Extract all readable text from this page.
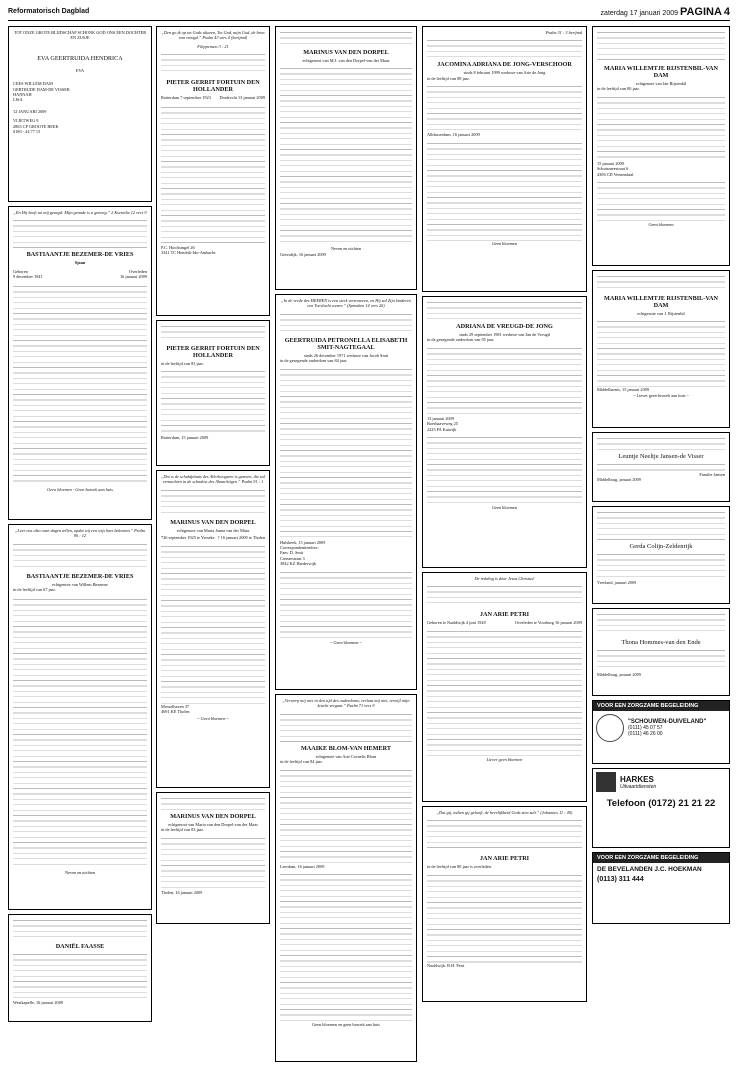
Reformatorisch Dagblad	zaterdag 17 januari 2009 PAGINA 4
TOT ONZE GROTE BLIJDSCHAP SCHONK GOD ONS EEN DOCHTER EN ZUSJE
EVA GEERTRUIDA HENDRICA
EVA
CEES WILLEM DAM
GERTRUDE DAM-DE VISSER
HANNAH
LISA
12 JANUARI 2009
VLIETWEG 9
2865 CP GROOTE BEEK
0180 - 44 77 15
„En Hij heeft tot mij gezegd: Mijn genade is u genoeg.” 2 Korinthe 12 vers 9
BASTIAANTJE BEZEMER-DE VRIES
Sjaan
Geboren
9 december 1941
Overleden
16 januari 2009
Geen bloemen - Geen bezoek aan huis
„Leer ons alzo onze dagen tellen, opdat wij een wijs hart bekomen.” Psalm 90 : 12
BASTIAANTJE BEZEMER-DE VRIES
echtgenote van Willem Bezemer
in de leeftijd van 67 jaar.
Neven en nichten
DANIËL FAASSE
Westkapelle, 16 januari 2009
„Den go tk op tot Gods altaren, Tot God, mijn God, de bron van vreugd.” Psalm 43 vers 4 (berijmd)
Filippensen 3 : 21
PIETER GERRIT FORTUIN DEN HOLLANDER
Rotterdam 7 september 1923 Dordrecht 13 januari 2009
P.C. Hooftsingel 26
3341 TC Hendrik-Ido-Ambacht
PIETER GERRIT FORTUIN DEN HOLLANDER
in de leeftijd van 83 jaar.
Rotterdam, 15 januari 2009
„Dat is de schuldplaats des Allerhoogsten is gezeten, die zal vernachten in de schaduw des Almachtigen.” Psalm 91 : 1
MARINUS VAN DEN DORPEL
echtgenoot van Maria Janna van der Maas
*26 september 1925 te Yerseke † 16 januari 2009 te Tholen
Mosselhaven 37
4691 KE Tholen
~ Geen bloemen ~
MARINUS VAN DEN DORPEL
echtgenoot van Maria van den Dorpel-van der Maas
in de leeftijd van 83 jaar.
Tholen, 16 januari 2009
MARINUS VAN DEN DORPEL
echtgenoot van M.J. van den Dorpel-van der Maas
Neven en nichten
Geersdijk, 16 januari 2009
„In de vrede des HEEREN is een sterk vertrouwen, en Hij zal Zijn kinderen een Toevlucht wezen.” (Spreuken 14 vers 26)
GEERTRUIDA PETRONELLA ELISABETH SMIT-NAGTEGAAL
sinds 26 december 1971 weduwe van Jacob Smit
in de gezegende ouderdom van 84 jaar.
Hulsbeek, 15 januari 2009
Correspondentieadres:
Fam. D. Smit
Crenaestraat 3
3842 KZ Harderwijk
~ Geen bloemen ~
„Verwerp mij niet in den tijd des ouderdoms; verlaat mij niet, terwijl mijn kracht vergaat.” Psalm 71 vers 9
MAAIKE BLOM-VAN HEMERT
echtgenote van Arie Cornelis Blom
in de leeftijd van 84 jaar.
Leerdam, 16 januari 2009
Geen bloemen en geen bezoek aan huis
Psalm 31 : 3 berijmd
JACOMINA ADRIANA DE JONG-VERSCHOOR
sinds 8 februari 1999 weduwe van Arie de Jong
in de leeftijd van 88 jaar.
Alblasserdam, 16 januari 2009
Geen bloemen
ADRIANA DE VREUGD-DE JONG
sinds 29 september 1981 weduwe van Jan de Vreugd
in de gezegende ouderdom van 95 jaar.
13 januari 2009
Boerhaaveweg 25
2225 PA Katwijk
Geen bloemen
De redding is door Jezus Christus!
JAN ARIE PETRI
Geboren te Naaldwijk 4 juni 1928	Overleden te Voorburg 16 januari 2009
Liever geen bloemen
„Dat gij, indien gij gelooft, de heerlijkheid Gods zien zult.” (Johannes 11 : 40)
JAN ARIE PETRI
in de leeftijd van 80 jaar is overleden.
Naaldwijk: R.H. Petri
MARIA WILLEMTJE RIJSTENBIL-VAN DAM
echtgenote van Jan Rijstenbil
in de leeftijd van 80 jaar.
15 januari 2009
Schutsmeestraat 6
4306 CD Veenendaal
Geen bloemen
MARIA WILLEMTJE RIJSTENBIL-VAN DAM
echtgenote van J. Rijstenbil
Middelharnis, 15 januari 2009
~ Liever geen bezoek aan huis ~
Leuntje Neeltje Jansen-de Visser
Familie Jansen
Middelburg, januari 2009
Gerda Colijn-Zeldenrijk
Vreeland, januari 2009
Thona Hommes-van den Ende
Middelburg, januari 2009
VOOR EEN ZORGZAME BEGELEIDING
"SCHOUWEN-DUIVELAND"
(0111) 45 07 57
(0111) 46 26 00
HARKES
Uitvaartdiensten
Telefoon (0172) 21 21 22
VOOR EEN ZORGZAME BEGELEIDING
DE BEVELANDEN J.C. HOEKMAN
(0113) 311 444
